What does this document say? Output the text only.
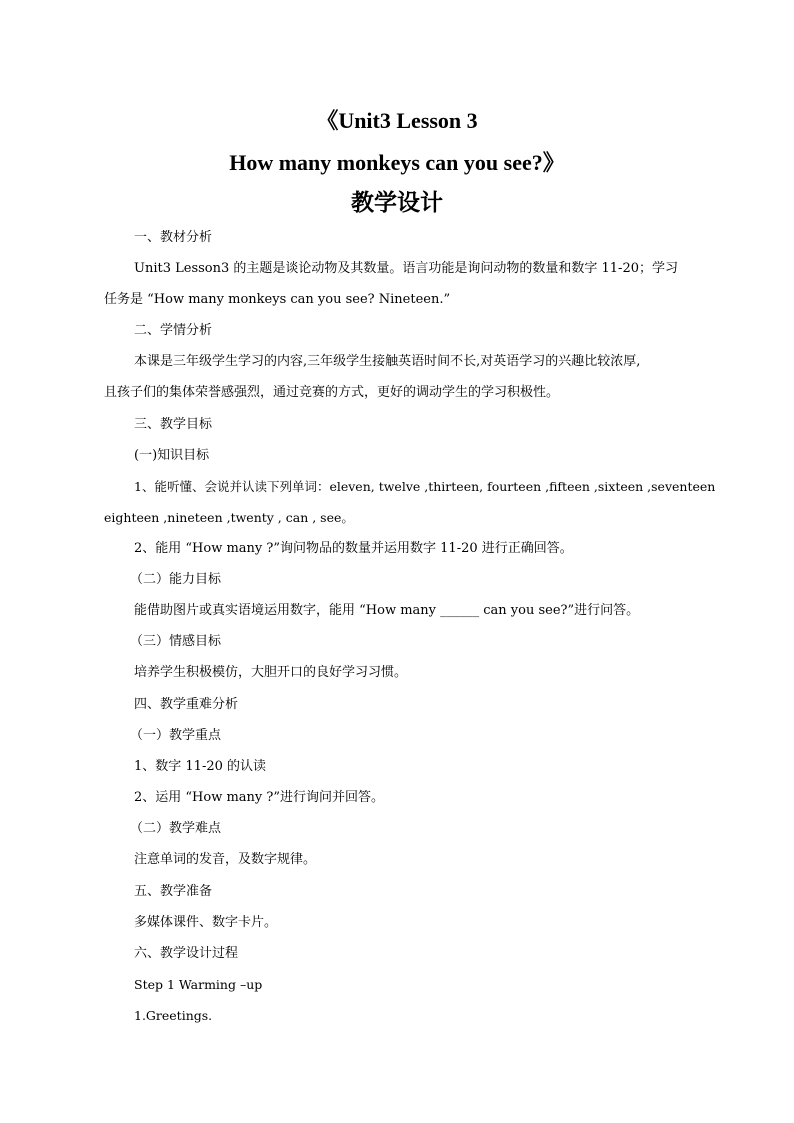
《Unit3 Lesson 3
How many monkeys can you see?》
教学设计
一、教材分析
Unit3 Lesson3 的主题是谈论动物及其数量。语言功能是询问动物的数量和数字 11-20；学习
任务是 “How many monkeys can you see? Nineteen.”
二、学情分析
本课是三年级学生学习的内容,三年级学生接触英语时间不长,对英语学习的兴趣比较浓厚,
且孩子们的集体荣誉感强烈，通过竞赛的方式，更好的调动学生的学习积极性。
三、教学目标
(一)知识目标
1、能听懂、会说并认读下列单词：eleven, twelve ,thirteen, fourteen ,fifteen ,sixteen ,seventeen
eighteen ,nineteen ,twenty , can , see。
2、能用 “How many ?”询问物品的数量并运用数字 11-20 进行正确回答。
（二）能力目标
能借助图片或真实语境运用数字，能用 “How many ______ can you see?”进行问答。
（三）情感目标
培养学生积极模仿，大胆开口的良好学习习惯。
四、教学重难分析
（一）教学重点
1、数字 11-20 的认读
2、运用 “How many ?”进行询问并回答。
（二）教学难点
注意单词的发音，及数字规律。
五、教学准备
多媒体课件、数字卡片。
六、教学设计过程
Step 1 Warming –up
1.Greetings.
